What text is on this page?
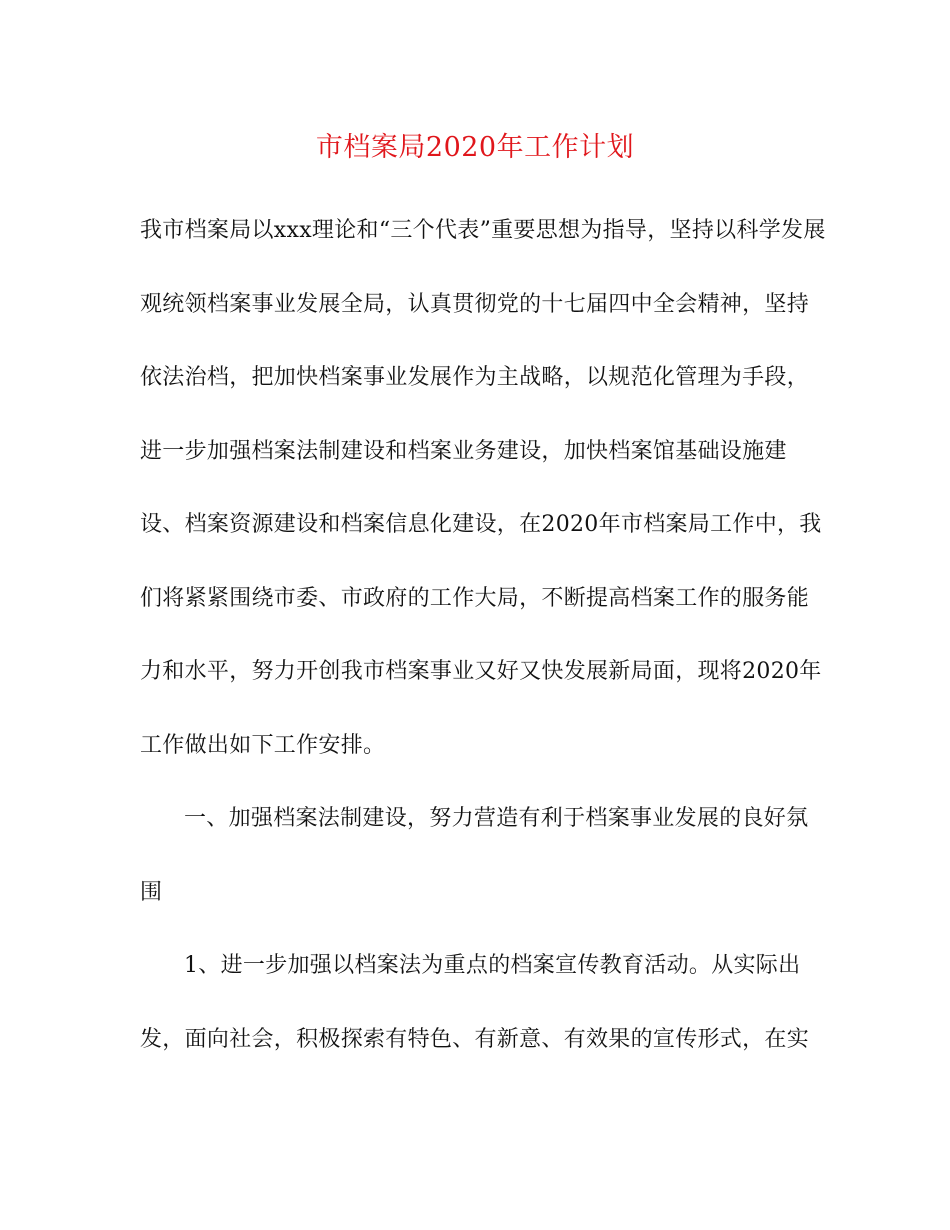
市档案局2020年工作计划
我市档案局以xxx理论和“三个代表”重要思想为指导，坚持以科学发展
观统领档案事业发展全局，认真贯彻党的十七届四中全会精神，坚持
依法治档，把加快档案事业发展作为主战略，以规范化管理为手段，
进一步加强档案法制建设和档案业务建设，加快档案馆基础设施建
设、档案资源建设和档案信息化建设，在2020年市档案局工作中，我
们将紧紧围绕市委、市政府的工作大局，不断提高档案工作的服务能
力和水平，努力开创我市档案事业又好又快发展新局面，现将2020年
工作做出如下工作安排。
一、加强档案法制建设，努力营造有利于档案事业发展的良好氛
围
1、进一步加强以档案法为重点的档案宣传教育活动。从实际出
发，面向社会，积极探索有特色、有新意、有效果的宣传形式，在实
